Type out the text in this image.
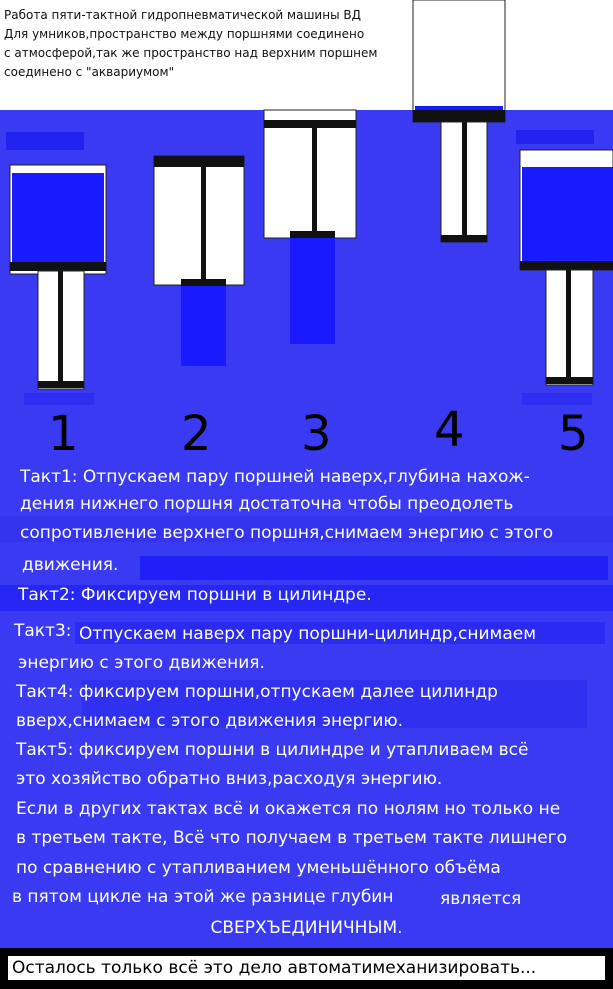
Работа пяти-тактной гидропневматической машины ВД
Для умников,пространство между поршнями соединено
с атмосферой,так же пространство над верхним поршнем
соединено с "аквариумом"
1 2 3 4 5
Такт1: Отпускаем пару поршней наверх,глубина нахож-
дения нижнего поршня достаточна чтобы преодолеть
сопротивление верхнего поршня,снимаем энергию с этого
движения.
Такт2: Фиксируем поршни в цилиндре.
Такт3: Отпускаем наверх пару поршни-цилиндр,снимаем
энергию с этого движения.
Такт4: фиксируем поршни,отпускаем далее цилиндр
вверх,снимаем с этого движения энергию.
Такт5: фиксируем поршни в цилиндре и утапливаем всё
это хозяйство обратно вниз,расходуя энергию.
Если в других тактах всё и окажется по нолям но только не
в третьем такте, Всё что получаем в третьем такте лишнего
по сравнению с утапливанием уменьшённого объёма
в пятом цикле на этой же разнице глубин	является
СВЕРХЪЕДИНИЧНЫМ.
Осталось только всё это дело автоматимеханизировать...
